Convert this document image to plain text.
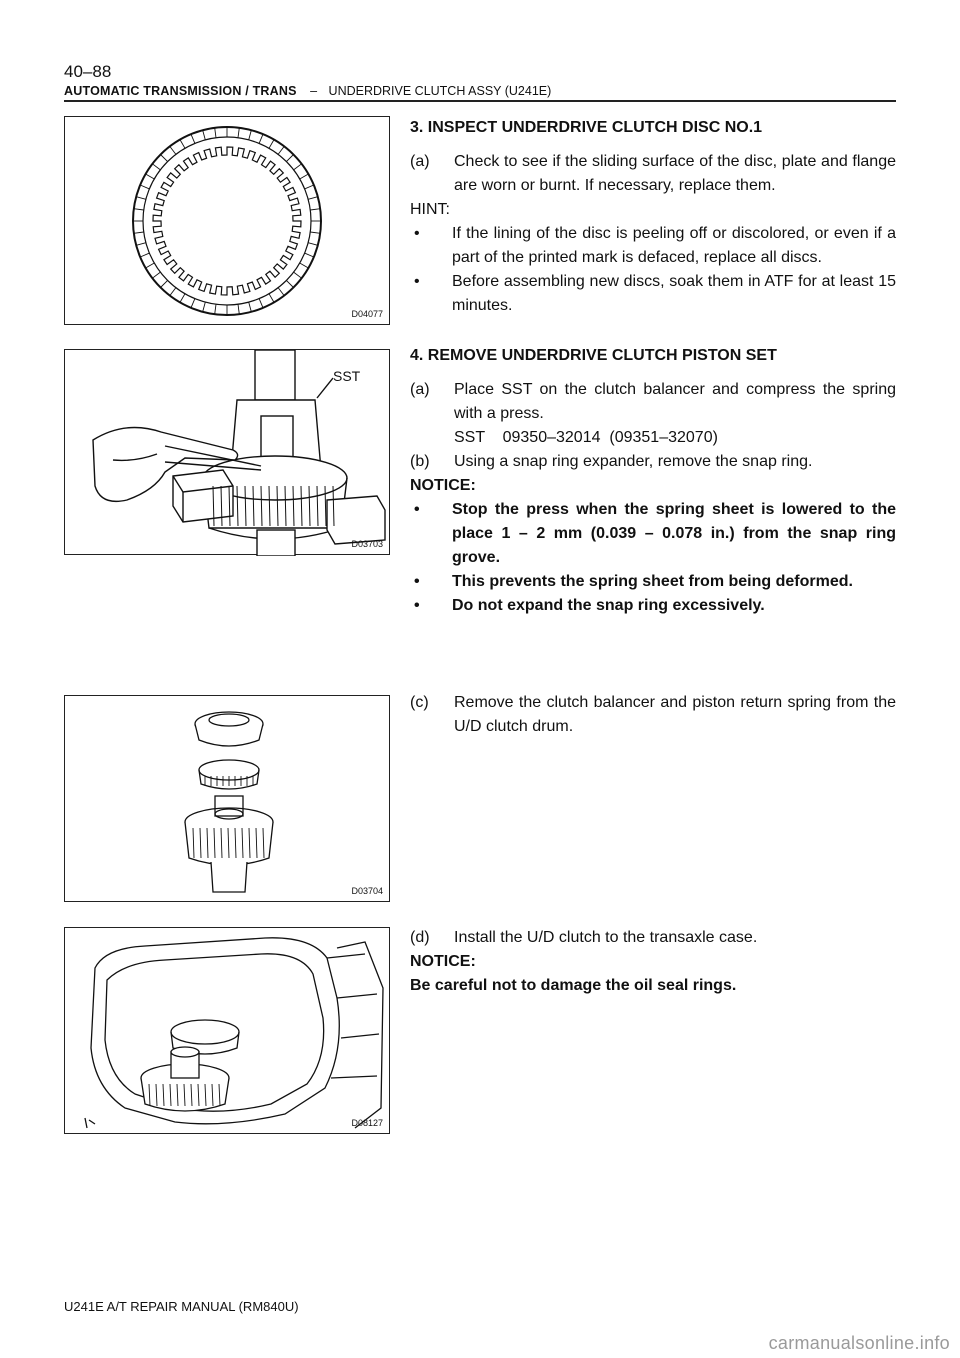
40–88
AUTOMATIC TRANSMISSION / TRANS – UNDERDRIVE CLUTCH ASSY (U241E)
D04077
SST
D03703
D03704
D08127
3. INSPECT UNDERDRIVE CLUTCH DISC NO.1
(a)	Check to see if the sliding surface of the disc, plate and flange are worn or burnt. If necessary, replace them.
HINT:
•	If the lining of the disc is peeling off or discolored, or even if a part of the printed mark is defaced, replace all discs.
•	Before assembling new discs, soak them in ATF for at least 15 minutes.
4. REMOVE UNDERDRIVE CLUTCH PISTON SET
(a)	Place SST on the clutch balancer and compress the spring with a press.
SST    09350–32014  (09351–32070)
(b)	Using a snap ring expander, remove the snap ring.
NOTICE:
•	Stop the press when the spring sheet is lowered to the place 1 – 2 mm (0.039 – 0.078 in.) from the snap ring grove.
•	This prevents the spring sheet from being deformed.
•	Do not expand the snap ring excessively.
(c)	Remove the clutch balancer and piston return spring from the U/D clutch drum.
(d)	Install the U/D clutch to the transaxle case.
NOTICE:
Be careful not to damage the oil seal rings.
U241E A/T REPAIR MANUAL (RM840U)
carmanualsonline.info
